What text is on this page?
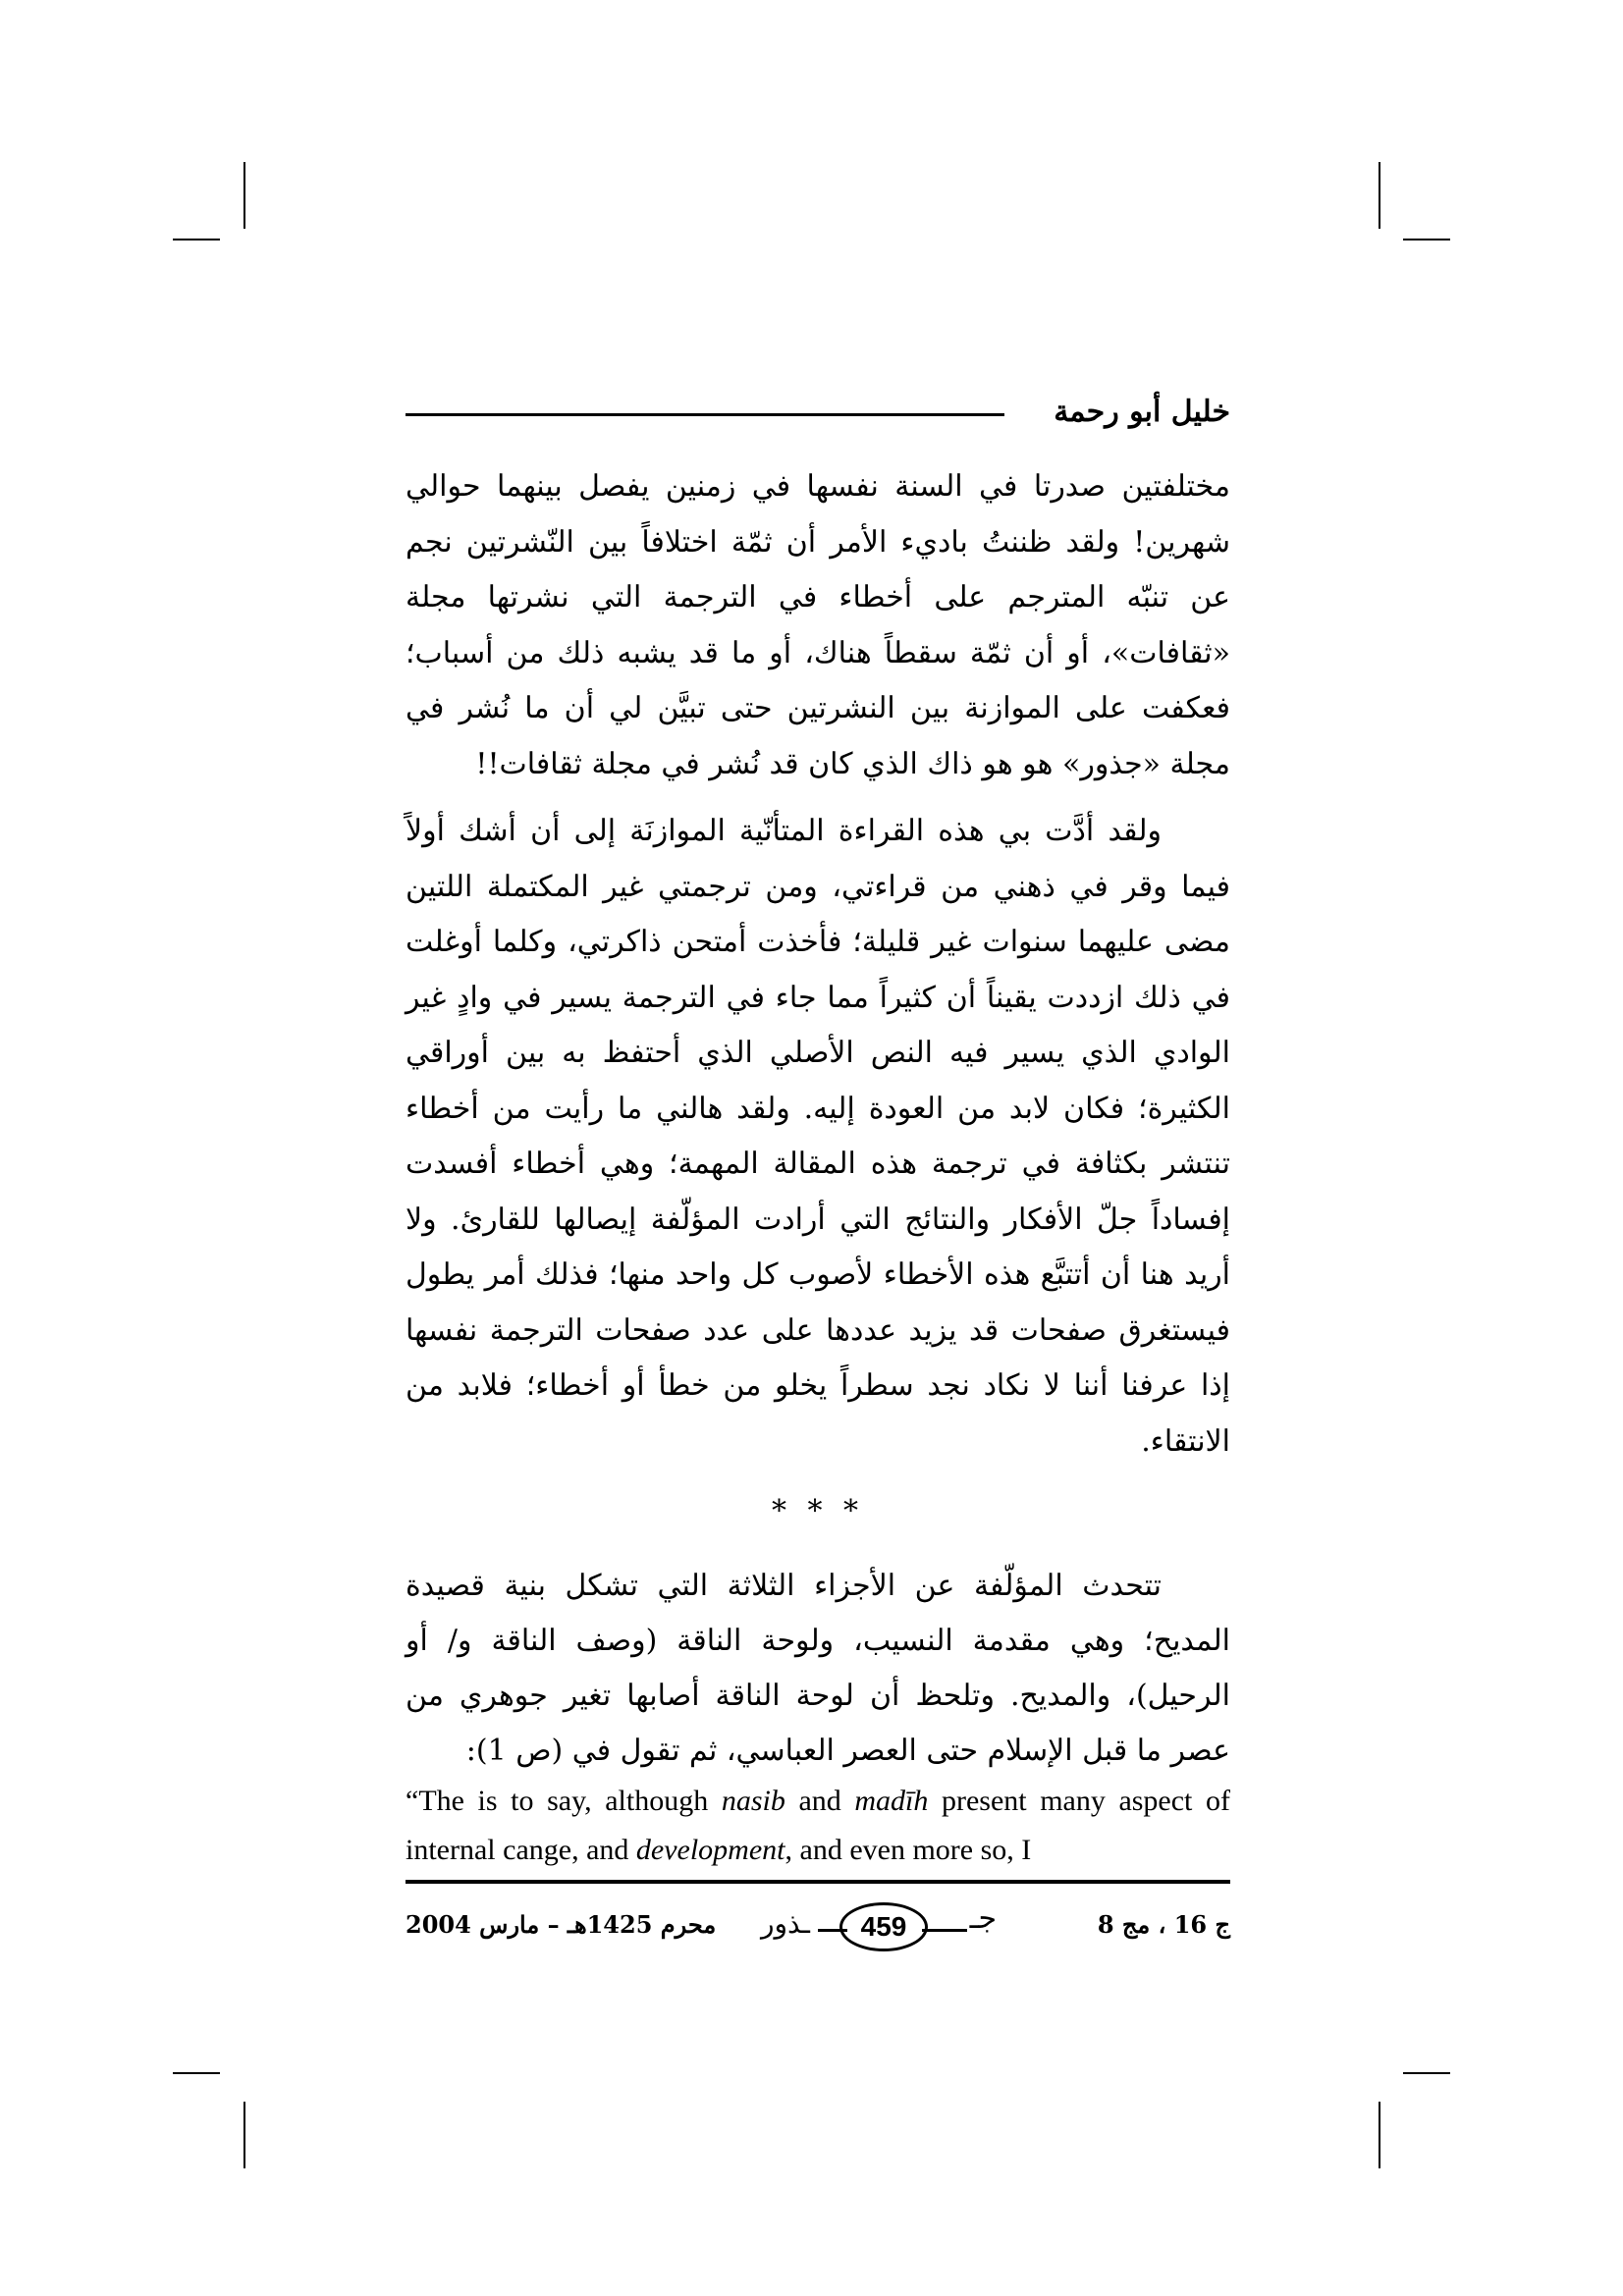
خليل أبو رحمة

مختلفتين صدرتا في السنة نفسها في زمنين يفصل بينهما حوالي شهرين! ولقد ظننتُ باديء الأمر أن ثمّة اختلافاً بين النّشرتين نجم عن تنبّه المترجم على أخطاء في الترجمة التي نشرتها مجلة «ثقافات»، أو أن ثمّة سقطاً هناك، أو ما قد يشبه ذلك من أسباب؛ فعكفت على الموازنة بين النشرتين حتى تبيَّن لي أن ما نُشر في مجلة «جذور» هو هو ذاك الذي كان قد نُشر في مجلة ثقافات!!

ولقد أدَّت بي هذه القراءة المتأنّية الموازنَة إلى أن أشك أولاً فيما وقر في ذهني من قراءتي، ومن ترجمتي غير المكتملة اللتين مضى عليهما سنوات غير قليلة؛ فأخذت أمتحن ذاكرتي، وكلما أوغلت في ذلك ازددت يقيناً أن كثيراً مما جاء في الترجمة يسير في وادٍ غير الوادي الذي يسير فيه النص الأصلي الذي أحتفظ به بين أوراقي الكثيرة؛ فكان لابد من العودة إليه. ولقد هالني ما رأيت من أخطاء تنتشر بكثافة في ترجمة هذه المقالة المهمة؛ وهي أخطاء أفسدت إفساداً جلّ الأفكار والنتائج التي أرادت المؤلّفة إيصالها للقارئ. ولا أريد هنا أن أتتبَّع هذه الأخطاء لأصوب كل واحد منها؛ فذلك أمر يطول فيستغرق صفحات قد يزيد عددها على عدد صفحات الترجمة نفسها إذا عرفنا أننا لا نكاد نجد سطراً يخلو من خطأ أو أخطاء؛ فلابد من الانتقاء.

* * *
تتحدث المؤلّفة عن الأجزاء الثلاثة التي تشكل بنية قصيدة المديح؛ وهي مقدمة النسيب، ولوحة الناقة (وصف الناقة و/ أو الرحيل)، والمديح. وتلحظ أن لوحة الناقة أصابها تغير جوهري من عصر ما قبل الإسلام حتى العصر العباسي، ثم تقول في (ص 1):
“The is to say, although nasib and madīh present many aspect of internal cange, and development, and even more so, I
محرم 1425هـ – مارس 2004 ـذور	459	جـ	ج 16 ، مج 8
